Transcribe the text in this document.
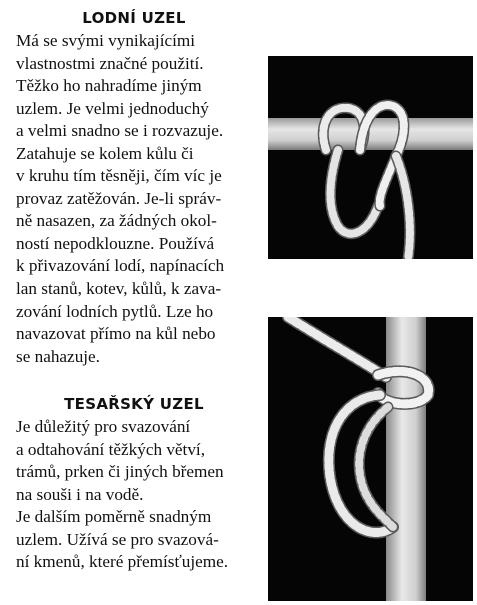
LODNÍ UZEL

Má se svými vynikajícími
vlastnostmi značné použití.
Těžko ho nahradíme jiným
uzlem. Je velmi jednoduchý
a velmi snadno se i rozvazuje.
Zatahuje se kolem kůlu či
v kruhu tím těsněji, čím víc je
provaz zatěžován. Je-li správ-
ně nasazen, za žádných okol-
ností nepodklouzne. Používá
k přivazování lodí, napínacích
lan stanů, kotev, kůlů, k zava-
zování lodních pytlů. Lze ho
navazovat přímo na kůl nebo
se nahazuje.

TESAŘSKÝ UZEL

Je důležitý pro svazování
a odtahování těžkých větví,
trámů, prken či jiných břemen
na souši i na vodě.

Je dalším poměrně snadným
uzlem. Užívá se pro svazová-
ní kmenů, které přemísťujeme.
